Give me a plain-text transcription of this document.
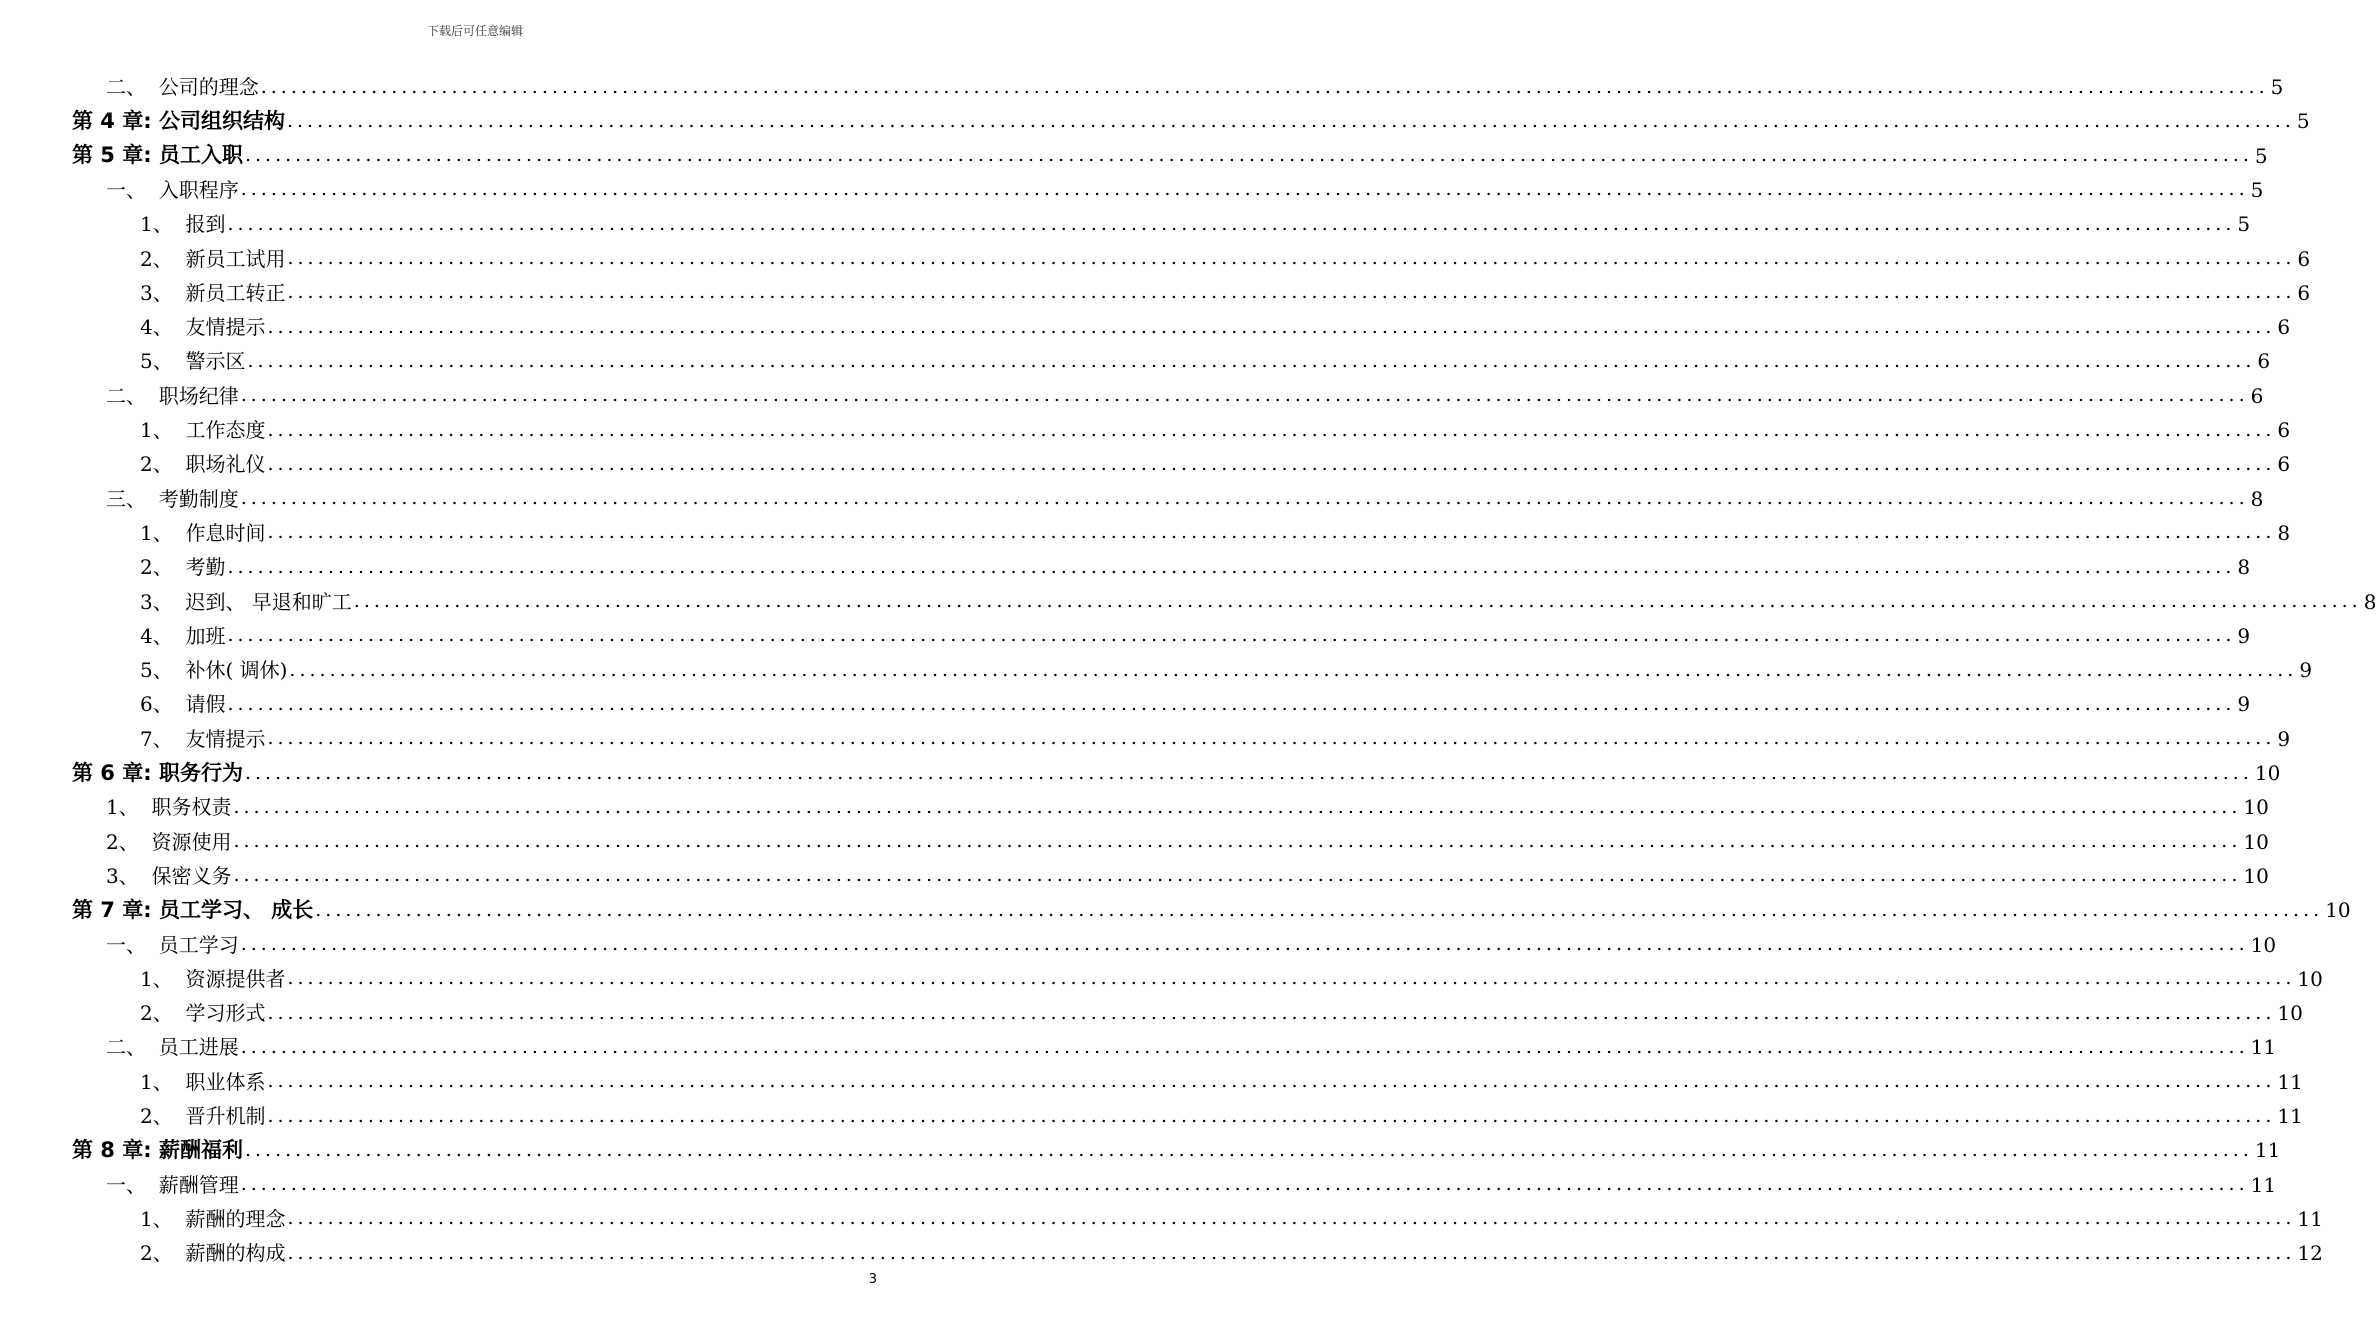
下载后可任意编辑
二、  公司的理念 ........................................................................................................................................................................................................ 5
第 4 章: 公司组织结构 ........................................................................................................................................................................................................ 5
第 5 章: 员工入职 ........................................................................................................................................................................................................ 5
一、  入职程序 ........................................................................................................................................................................................................ 5
1、  报到 ........................................................................................................................................................................................................ 5
2、  新员工试用 ........................................................................................................................................................................................................ 6
3、  新员工转正 ........................................................................................................................................................................................................ 6
4、  友情提示 ........................................................................................................................................................................................................ 6
5、  警示区 ........................................................................................................................................................................................................ 6
二、  职场纪律 ........................................................................................................................................................................................................ 6
1、  工作态度 ........................................................................................................................................................................................................ 6
2、  职场礼仪 ........................................................................................................................................................................................................ 6
三、  考勤制度 ........................................................................................................................................................................................................ 8
1、  作息时间 ........................................................................................................................................................................................................ 8
2、  考勤 ........................................................................................................................................................................................................ 8
3、  迟到、 早退和旷工 ........................................................................................................................................................................................................ 8
4、  加班 ........................................................................................................................................................................................................ 9
5、  补休( 调休) ........................................................................................................................................................................................................ 9
6、  请假 ........................................................................................................................................................................................................ 9
7、  友情提示 ........................................................................................................................................................................................................ 9
第 6 章: 职务行为 ........................................................................................................................................................................................................ 10
1、  职务权责 ........................................................................................................................................................................................................ 10
2、  资源使用 ........................................................................................................................................................................................................ 10
3、  保密义务 ........................................................................................................................................................................................................ 10
第 7 章: 员工学习、 成长 ........................................................................................................................................................................................................ 10
一、  员工学习 ........................................................................................................................................................................................................ 10
1、  资源提供者 ........................................................................................................................................................................................................ 10
2、  学习形式 ........................................................................................................................................................................................................ 10
二、  员工进展 ........................................................................................................................................................................................................ 11
1、  职业体系 ........................................................................................................................................................................................................ 11
2、  晋升机制 ........................................................................................................................................................................................................ 11
第 8 章: 薪酬福利 ........................................................................................................................................................................................................ 11
一、  薪酬管理 ........................................................................................................................................................................................................ 11
1、  薪酬的理念 ........................................................................................................................................................................................................ 11
2、  薪酬的构成 ........................................................................................................................................................................................................ 12
3
